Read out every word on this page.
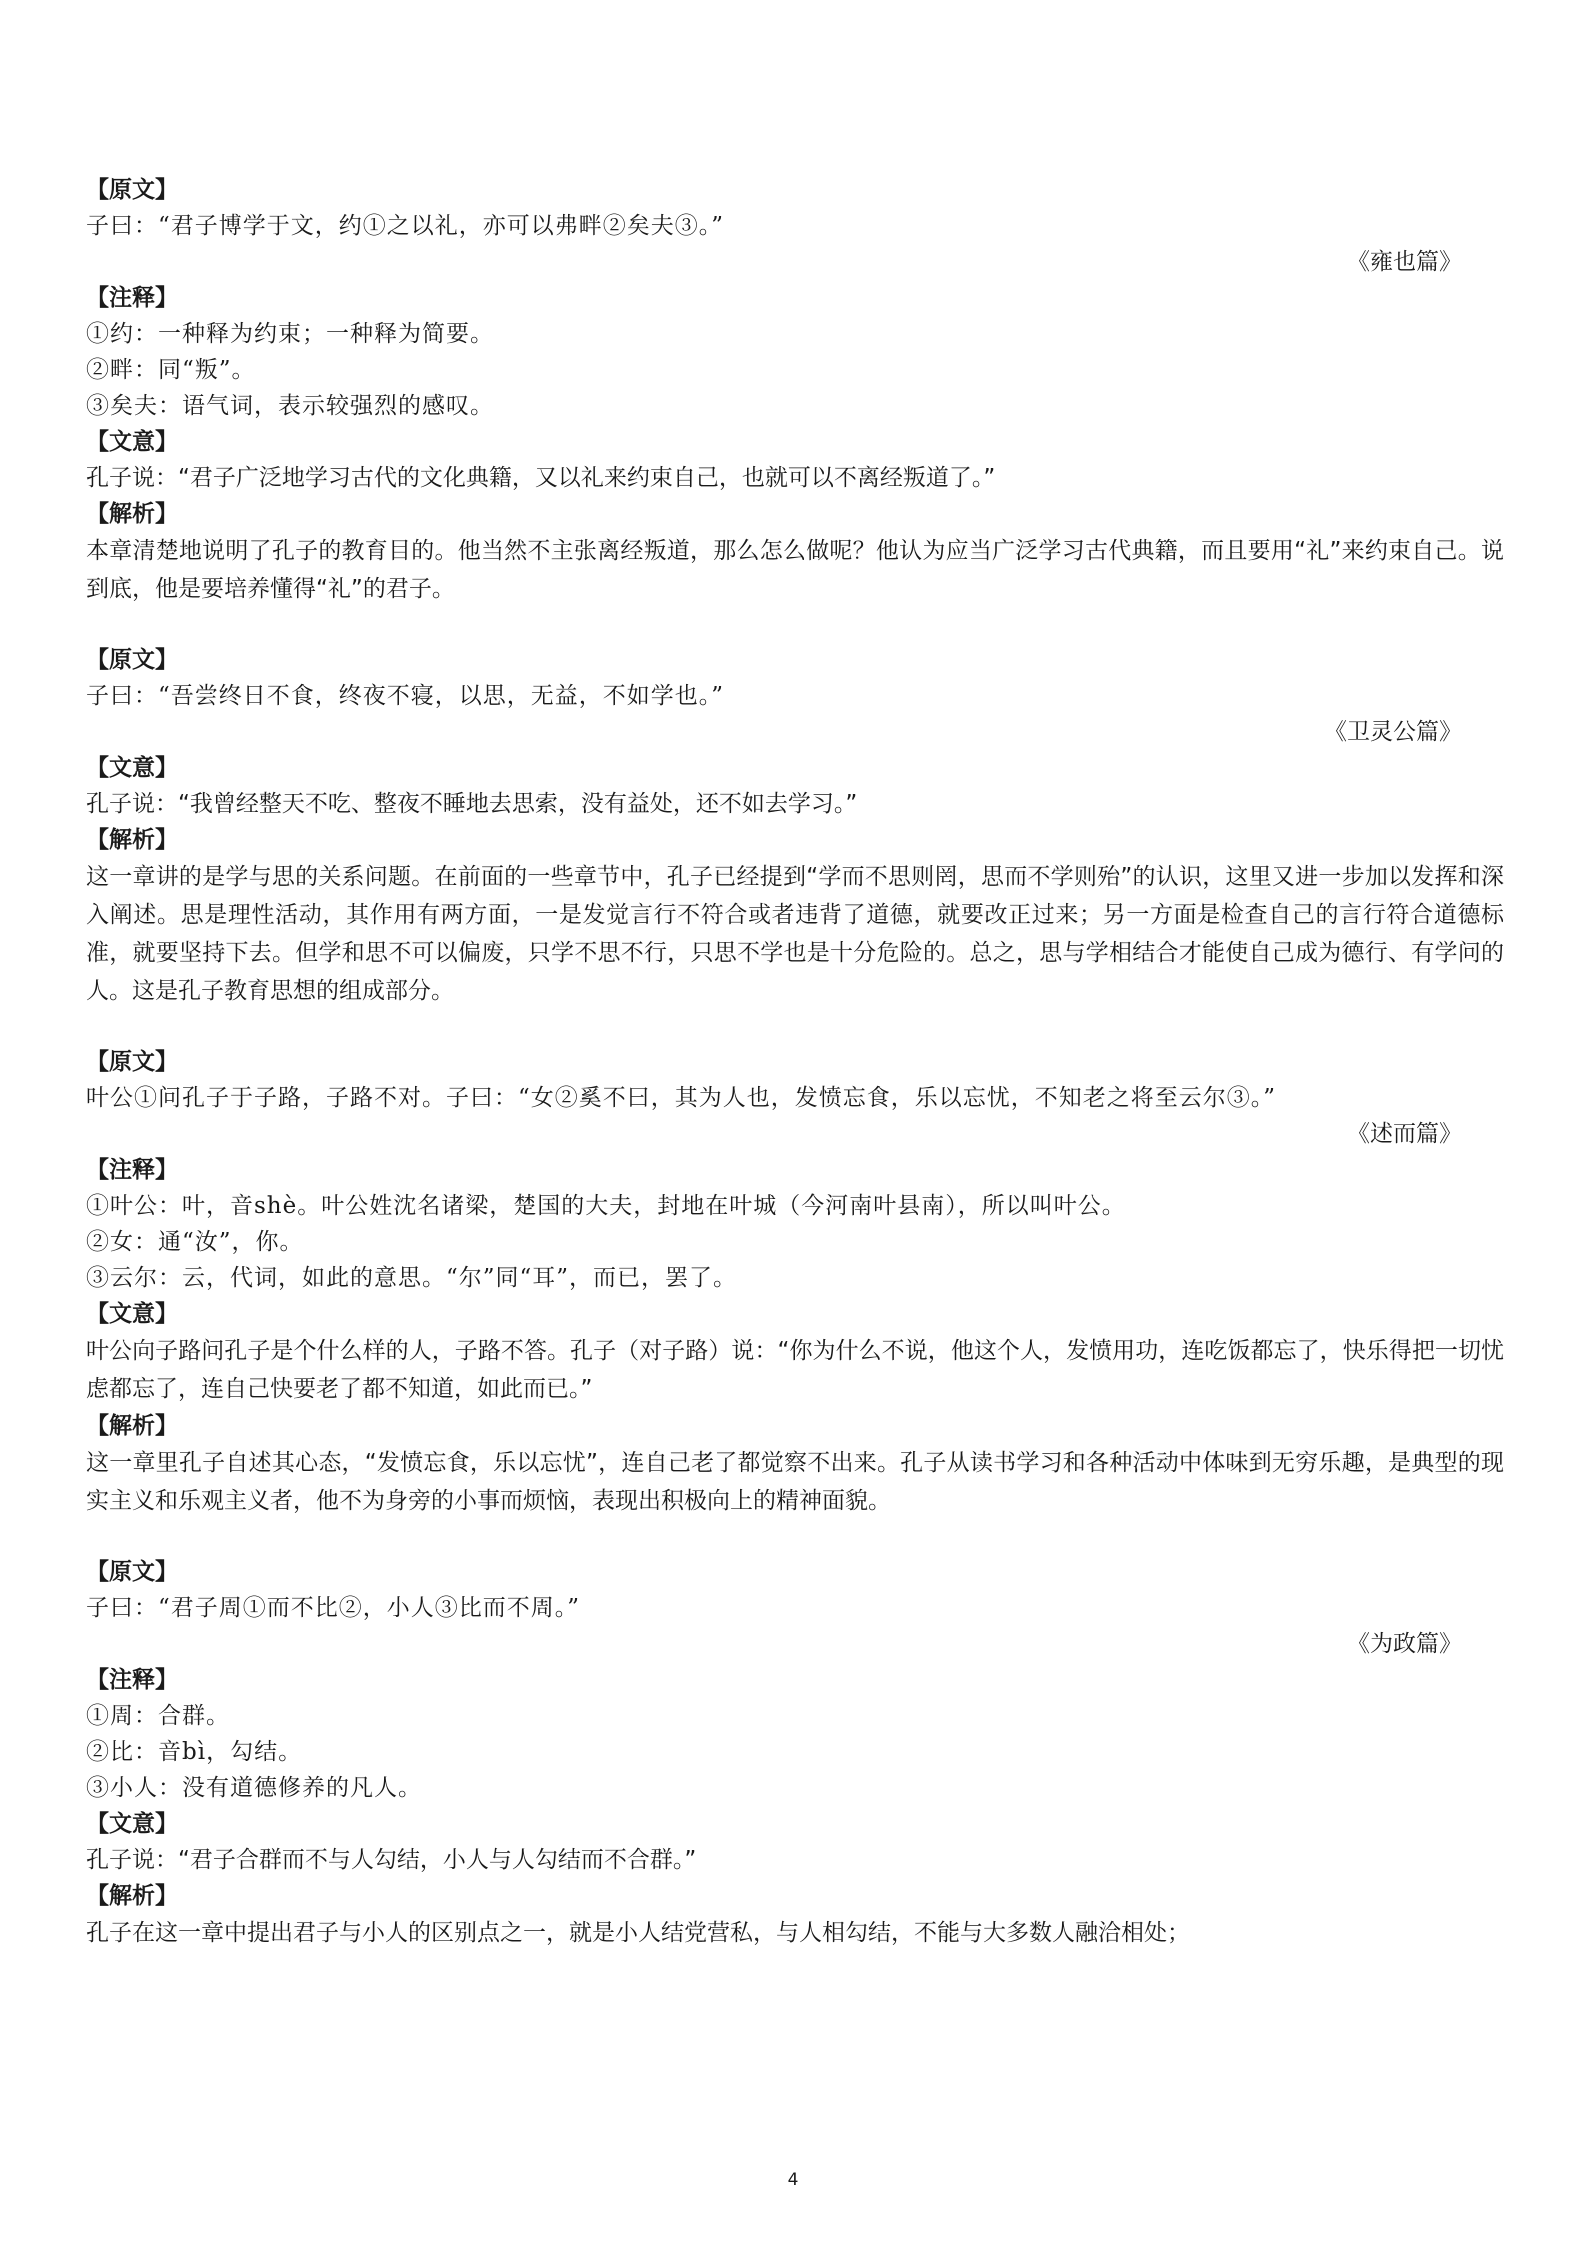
【原文】

子曰：“君子博学于文，约①之以礼，亦可以弗畔②矣夫③。”

《雍也篇》

【注释】

①约：一种释为约束；一种释为简要。

②畔：同“叛”。

③矣夫：语气词，表示较强烈的感叹。

【文意】

孔子说：“君子广泛地学习古代的文化典籍，又以礼来约束自己，也就可以不离经叛道了。”

【解析】

本章清楚地说明了孔子的教育目的。他当然不主张离经叛道，那么怎么做呢？他认为应当广泛学习古代典籍，而且要用“礼”来约束自己。说到底，他是要培养懂得“礼”的君子。

【原文】

子曰：“吾尝终日不食，终夜不寝，以思，无益，不如学也。”

《卫灵公篇》

【文意】

孔子说：“我曾经整天不吃、整夜不睡地去思索，没有益处，还不如去学习。”

【解析】

这一章讲的是学与思的关系问题。在前面的一些章节中，孔子已经提到“学而不思则罔，思而不学则殆”的认识，这里又进一步加以发挥和深入阐述。思是理性活动，其作用有两方面，一是发觉言行不符合或者违背了道德，就要改正过来；另一方面是检查自己的言行符合道德标准，就要坚持下去。但学和思不可以偏废，只学不思不行，只思不学也是十分危险的。总之，思与学相结合才能使自己成为德行、有学问的人。这是孔子教育思想的组成部分。

【原文】

叶公①问孔子于子路，子路不对。子曰：“女②奚不曰，其为人也，发愤忘食，乐以忘忧，不知老之将至云尔③。”

《述而篇》

【注释】

①叶公：叶，音shè。叶公姓沈名诸梁，楚国的大夫，封地在叶城（今河南叶县南），所以叫叶公。

②女：通“汝”，你。

③云尔：云，代词，如此的意思。“尔”同“耳”，而已，罢了。

【文意】

叶公向子路问孔子是个什么样的人，子路不答。孔子（对子路）说：“你为什么不说，他这个人，发愤用功，连吃饭都忘了，快乐得把一切忧虑都忘了，连自己快要老了都不知道，如此而已。”

【解析】

这一章里孔子自述其心态，“发愤忘食，乐以忘忧”，连自己老了都觉察不出来。孔子从读书学习和各种活动中体味到无穷乐趣，是典型的现实主义和乐观主义者，他不为身旁的小事而烦恼，表现出积极向上的精神面貌。

【原文】

子曰：“君子周①而不比②，小人③比而不周。”

《为政篇》

【注释】

①周：合群。

②比：音bì，勾结。

③小人：没有道德修养的凡人。

【文意】

孔子说：“君子合群而不与人勾结，小人与人勾结而不合群。”

【解析】

孔子在这一章中提出君子与小人的区别点之一，就是小人结党营私，与人相勾结，不能与大多数人融洽相处；

4
